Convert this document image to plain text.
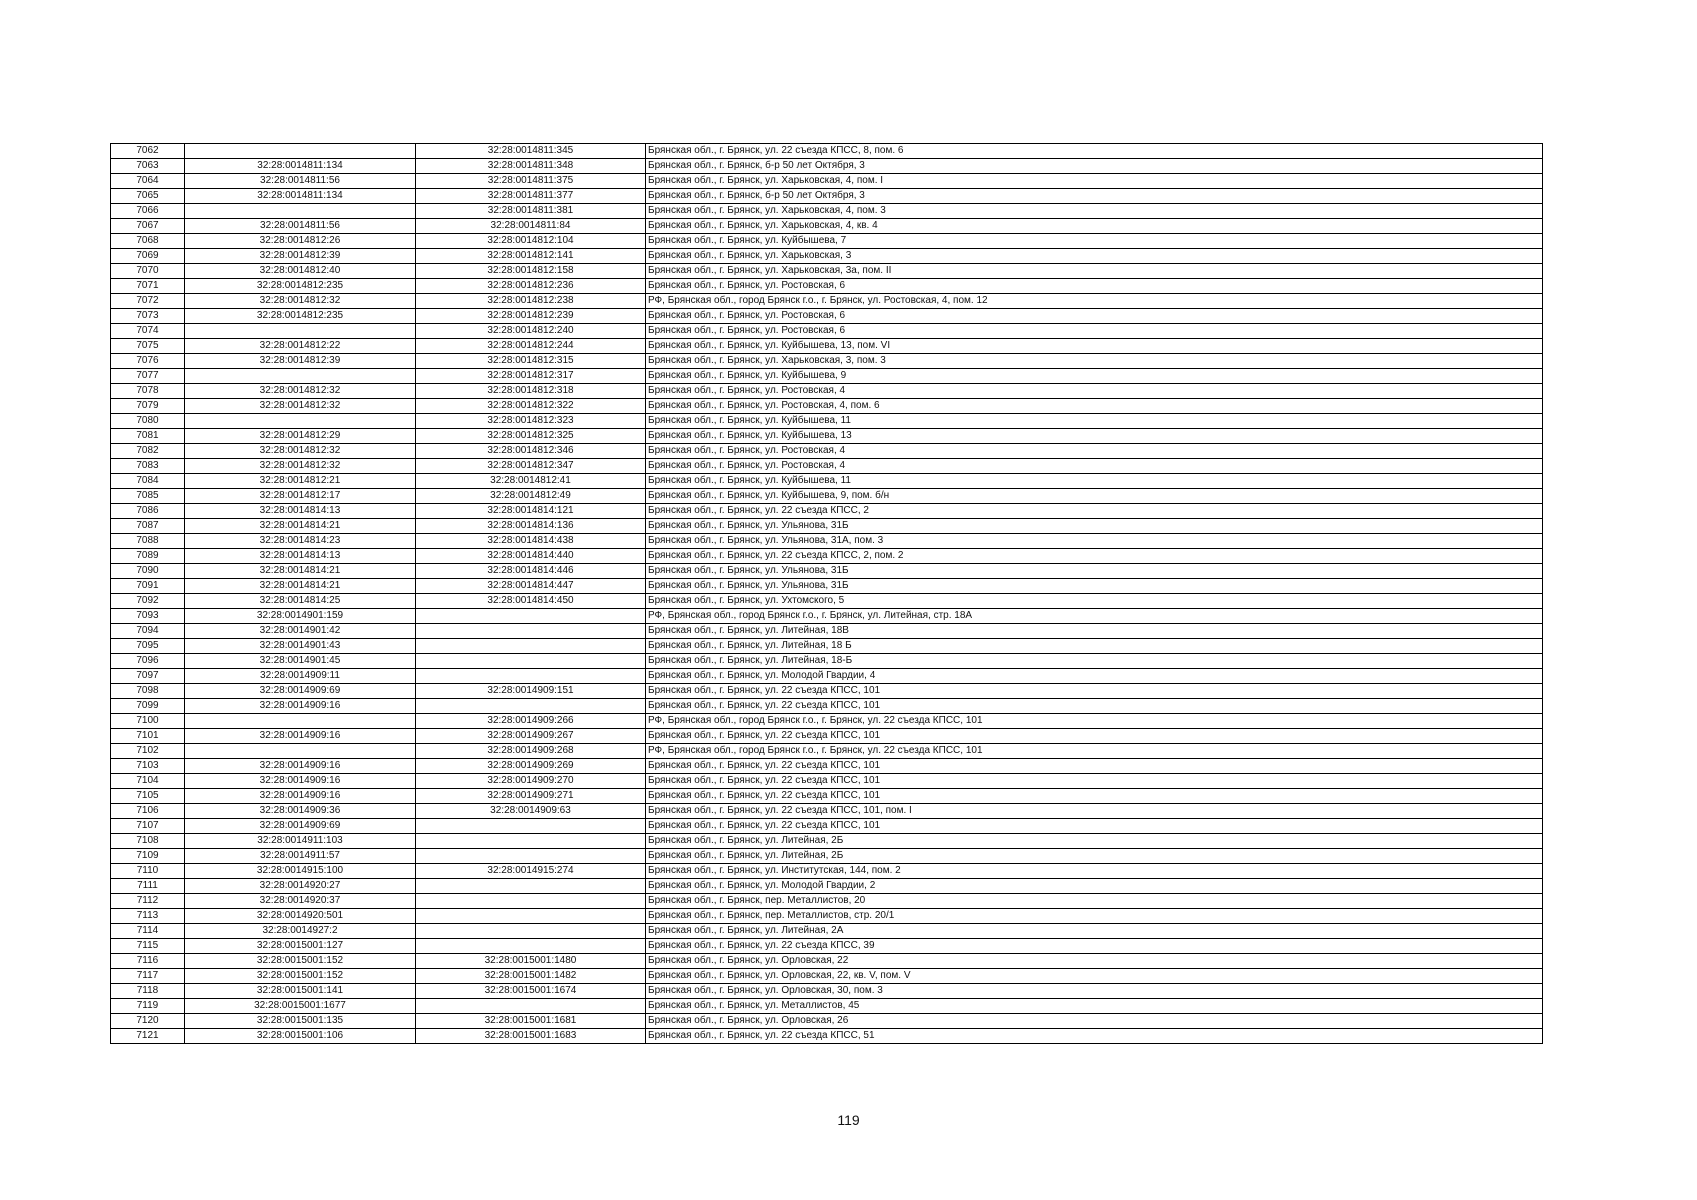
7062		32:28:0014811:345	Брянская обл., г. Брянск, ул. 22 съезда КПСС, 8, пом. 6
7063	32:28:0014811:134	32:28:0014811:348	Брянская обл., г. Брянск, б-р 50 лет Октября, 3
7064	32:28:0014811:56	32:28:0014811:375	Брянская обл., г. Брянск, ул. Харьковская, 4, пом. I
7065	32:28:0014811:134	32:28:0014811:377	Брянская обл., г. Брянск, б-р 50 лет Октября, 3
7066		32:28:0014811:381	Брянская обл., г. Брянск, ул. Харьковская, 4, пом. 3
7067	32:28:0014811:56	32:28:0014811:84	Брянская обл., г. Брянск, ул. Харьковская, 4, кв. 4
7068	32:28:0014812:26	32:28:0014812:104	Брянская обл., г. Брянск, ул. Куйбышева, 7
7069	32:28:0014812:39	32:28:0014812:141	Брянская обл., г. Брянск, ул. Харьковская, 3
7070	32:28:0014812:40	32:28:0014812:158	Брянская обл., г. Брянск, ул. Харьковская, 3а, пом. II
7071	32:28:0014812:235	32:28:0014812:236	Брянская обл., г. Брянск, ул. Ростовская, 6
7072	32:28:0014812:32	32:28:0014812:238	РФ, Брянская обл., город Брянск г.о., г. Брянск, ул. Ростовская, 4, пом. 12
7073	32:28:0014812:235	32:28:0014812:239	Брянская обл., г. Брянск, ул. Ростовская, 6
7074		32:28:0014812:240	Брянская обл., г. Брянск, ул. Ростовская, 6
7075	32:28:0014812:22	32:28:0014812:244	Брянская обл., г. Брянск, ул. Куйбышева, 13, пом. VI
7076	32:28:0014812:39	32:28:0014812:315	Брянская обл., г. Брянск, ул. Харьковская, 3, пом. 3
7077		32:28:0014812:317	Брянская обл., г. Брянск, ул. Куйбышева, 9
7078	32:28:0014812:32	32:28:0014812:318	Брянская обл., г. Брянск, ул. Ростовская, 4
7079	32:28:0014812:32	32:28:0014812:322	Брянская обл., г. Брянск, ул. Ростовская, 4, пом. 6
7080		32:28:0014812:323	Брянская обл., г. Брянск, ул. Куйбышева, 11
7081	32:28:0014812:29	32:28:0014812:325	Брянская обл., г. Брянск, ул. Куйбышева, 13
7082	32:28:0014812:32	32:28:0014812:346	Брянская обл., г. Брянск, ул. Ростовская, 4
7083	32:28:0014812:32	32:28:0014812:347	Брянская обл., г. Брянск, ул. Ростовская, 4
7084	32:28:0014812:21	32:28:0014812:41	Брянская обл., г. Брянск, ул. Куйбышева, 11
7085	32:28:0014812:17	32:28:0014812:49	Брянская обл., г. Брянск, ул. Куйбышева, 9, пом. б/н
7086	32:28:0014814:13	32:28:0014814:121	Брянская обл., г. Брянск, ул. 22 съезда КПСС, 2
7087	32:28:0014814:21	32:28:0014814:136	Брянская обл., г. Брянск, ул. Ульянова, 31Б
7088	32:28:0014814:23	32:28:0014814:438	Брянская обл., г. Брянск, ул. Ульянова, 31А, пом. 3
7089	32:28:0014814:13	32:28:0014814:440	Брянская обл., г. Брянск, ул. 22 съезда КПСС, 2, пом. 2
7090	32:28:0014814:21	32:28:0014814:446	Брянская обл., г. Брянск, ул. Ульянова, 31Б
7091	32:28:0014814:21	32:28:0014814:447	Брянская обл., г. Брянск, ул. Ульянова, 31Б
7092	32:28:0014814:25	32:28:0014814:450	Брянская обл., г. Брянск, ул. Ухтомского, 5
7093	32:28:0014901:159		РФ, Брянская обл., город Брянск г.о., г. Брянск, ул. Литейная, стр. 18А
7094	32:28:0014901:42		Брянская обл., г. Брянск, ул. Литейная, 18В
7095	32:28:0014901:43		Брянская обл., г. Брянск, ул. Литейная, 18 Б
7096	32:28:0014901:45		Брянская обл., г. Брянск, ул. Литейная, 18-Б
7097	32:28:0014909:11		Брянская обл., г. Брянск, ул. Молодой Гвардии, 4
7098	32:28:0014909:69	32:28:0014909:151	Брянская обл., г. Брянск, ул. 22 съезда КПСС, 101
7099	32:28:0014909:16		Брянская обл., г. Брянск, ул. 22 съезда КПСС, 101
7100		32:28:0014909:266	РФ, Брянская обл., город Брянск г.о., г. Брянск, ул. 22 съезда КПСС, 101
7101	32:28:0014909:16	32:28:0014909:267	Брянская обл., г. Брянск, ул. 22 съезда КПСС, 101
7102		32:28:0014909:268	РФ, Брянская обл., город Брянск г.о., г. Брянск, ул. 22 съезда КПСС, 101
7103	32:28:0014909:16	32:28:0014909:269	Брянская обл., г. Брянск, ул. 22 съезда КПСС, 101
7104	32:28:0014909:16	32:28:0014909:270	Брянская обл., г. Брянск, ул. 22 съезда КПСС, 101
7105	32:28:0014909:16	32:28:0014909:271	Брянская обл., г. Брянск, ул. 22 съезда КПСС, 101
7106	32:28:0014909:36	32:28:0014909:63	Брянская обл., г. Брянск, ул. 22 съезда КПСС, 101, пом. I
7107	32:28:0014909:69		Брянская обл., г. Брянск, ул. 22 съезда КПСС, 101
7108	32:28:0014911:103		Брянская обл., г. Брянск, ул. Литейная, 2Б
7109	32:28:0014911:57		Брянская обл., г. Брянск, ул. Литейная, 2Б
7110	32:28:0014915:100	32:28:0014915:274	Брянская обл., г. Брянск, ул. Институтская, 144, пом. 2
7111	32:28:0014920:27		Брянская обл., г. Брянск, ул. Молодой Гвардии, 2
7112	32:28:0014920:37		Брянская обл., г. Брянск, пер. Металлистов, 20
7113	32:28:0014920:501		Брянская обл., г. Брянск, пер. Металлистов, стр. 20/1
7114	32:28:0014927:2		Брянская обл., г. Брянск, ул. Литейная, 2А
7115	32:28:0015001:127		Брянская обл., г. Брянск, ул. 22 съезда КПСС, 39
7116	32:28:0015001:152	32:28:0015001:1480	Брянская обл., г. Брянск, ул. Орловская, 22
7117	32:28:0015001:152	32:28:0015001:1482	Брянская обл., г. Брянск, ул. Орловская, 22, кв. V, пом. V
7118	32:28:0015001:141	32:28:0015001:1674	Брянская обл., г. Брянск, ул. Орловская, 30, пом. 3
7119	32:28:0015001:1677		Брянская обл., г. Брянск, ул. Металлистов, 45
7120	32:28:0015001:135	32:28:0015001:1681	Брянская обл., г. Брянск, ул. Орловская, 26
7121	32:28:0015001:106	32:28:0015001:1683	Брянская обл., г. Брянск, ул. 22 съезда КПСС, 51
119
